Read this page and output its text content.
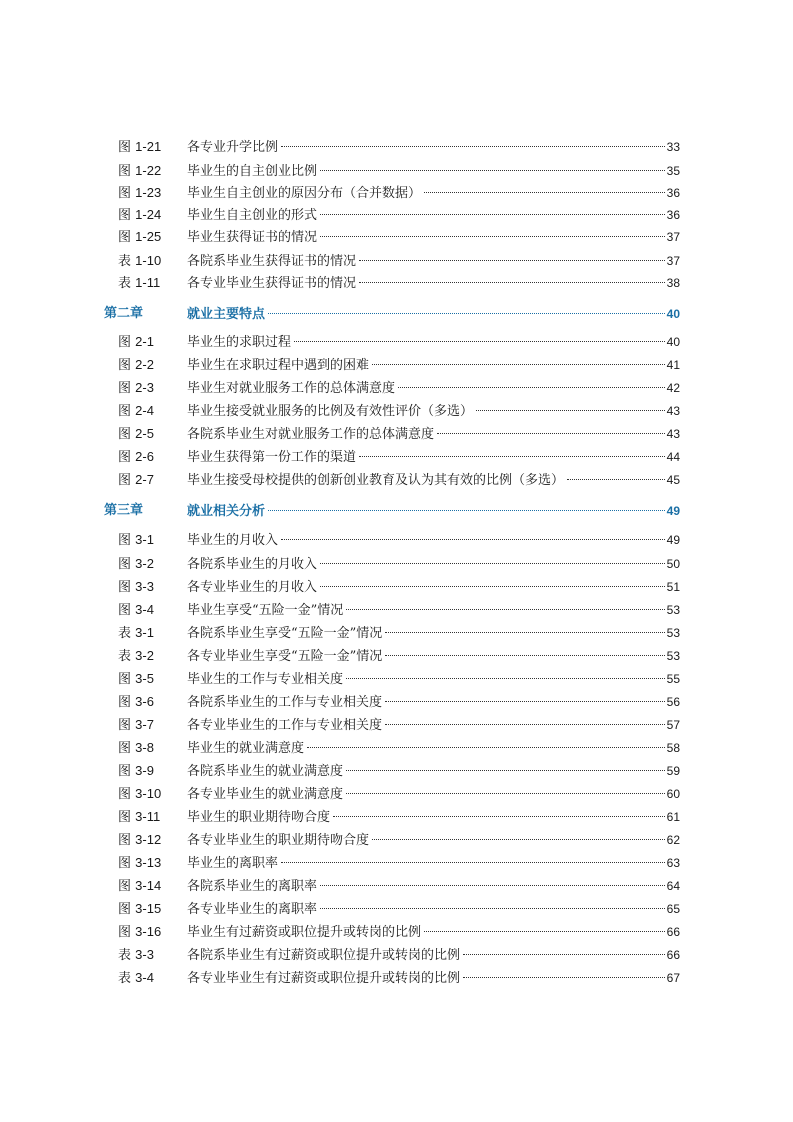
图 1-21 各专业升学比例	33
图 1-22 毕业生的自主创业比例	35
图 1-23 毕业生自主创业的原因分布（合并数据）	36
图 1-24 毕业生自主创业的形式	36
图 1-25 毕业生获得证书的情况	37
表 1-10 各院系毕业生获得证书的情况	37
表 1-11 各专业毕业生获得证书的情况	38
第二章	就业主要特点	40
图 2-1	毕业生的求职过程	40
图 2-2	毕业生在求职过程中遇到的困难	41
图 2-3	毕业生对就业服务工作的总体满意度	42
图 2-4	毕业生接受就业服务的比例及有效性评价（多选）	43
图 2-5	各院系毕业生对就业服务工作的总体满意度	43
图 2-6	毕业生获得第一份工作的渠道	44
图 2-7	毕业生接受母校提供的创新创业教育及认为其有效的比例（多选）	45
第三章	就业相关分析	49
图 3-1	毕业生的月收入	49
图 3-2	各院系毕业生的月收入	50
图 3-3	各专业毕业生的月收入	51
图 3-4	毕业生享受“五险一金”情况	53
表 3-1	各院系毕业生享受“五险一金”情况	53
表 3-2	各专业毕业生享受“五险一金”情况	53
图 3-5	毕业生的工作与专业相关度	55
图 3-6	各院系毕业生的工作与专业相关度	56
图 3-7	各专业毕业生的工作与专业相关度	57
图 3-8	毕业生的就业满意度	58
图 3-9	各院系毕业生的就业满意度	59
图 3-10 各专业毕业生的就业满意度	60
图 3-11 毕业生的职业期待吻合度	61
图 3-12 各专业毕业生的职业期待吻合度	62
图 3-13 毕业生的离职率	63
图 3-14 各院系毕业生的离职率	64
图 3-15 各专业毕业生的离职率	65
图 3-16 毕业生有过薪资或职位提升或转岗的比例	66
表 3-3	各院系毕业生有过薪资或职位提升或转岗的比例	66
表 3-4	各专业毕业生有过薪资或职位提升或转岗的比例	67
